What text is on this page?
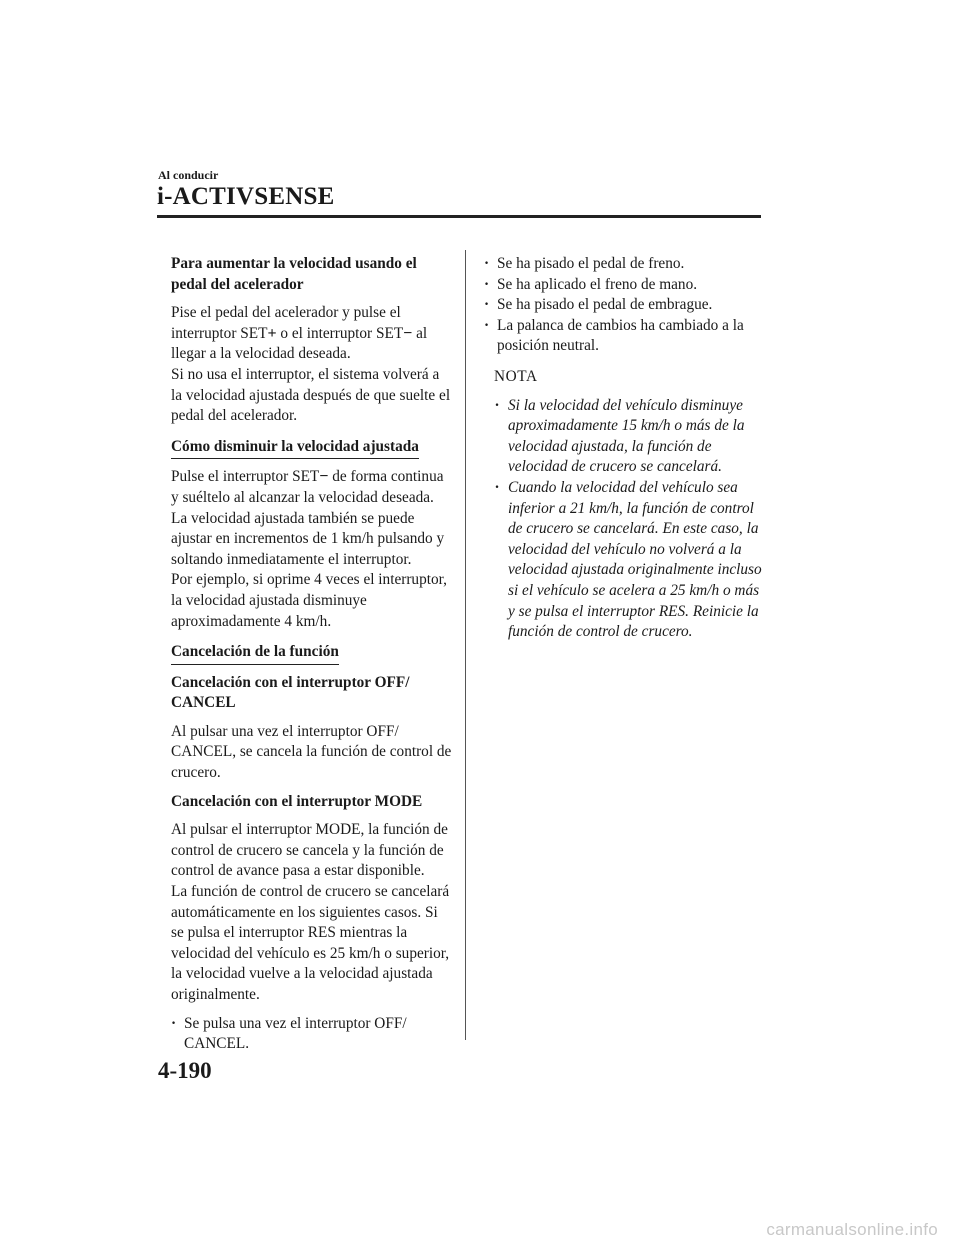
Al conducir
i-ACTIVSENSE

Para aumentar la velocidad usando el pedal del acelerador

Pise el pedal del acelerador y pulse el interruptor SET+ o el interruptor SET− al llegar a la velocidad deseada.

Si no usa el interruptor, el sistema volverá a la velocidad ajustada después de que suelte el pedal del acelerador.

Cómo disminuir la velocidad ajustada

Pulse el interruptor SET− de forma continua y suéltelo al alcanzar la velocidad deseada.

La velocidad ajustada también se puede ajustar en incrementos de 1 km/h pulsando y soltando inmediatamente el interruptor.

Por ejemplo, si oprime 4 veces el interruptor, la velocidad ajustada disminuye aproximadamente 4 km/h.

Cancelación de la función

Cancelación con el interruptor OFF/ CANCEL

Al pulsar una vez el interruptor OFF/ CANCEL, se cancela la función de control de crucero.

Cancelación con el interruptor MODE

Al pulsar el interruptor MODE, la función de control de crucero se cancela y la función de control de avance pasa a estar disponible.

La función de control de crucero se cancelará automáticamente en los siguientes casos. Si se pulsa el interruptor RES mientras la velocidad del vehículo es 25 km/h o superior, la velocidad vuelve a la velocidad ajustada originalmente.

· Se pulsa una vez el interruptor OFF/ CANCEL.
· Se ha pisado el pedal de freno.
· Se ha aplicado el freno de mano.
· Se ha pisado el pedal de embrague.
· La palanca de cambios ha cambiado a la posición neutral.

NOTA

· Si la velocidad del vehículo disminuye aproximadamente 15 km/h o más de la velocidad ajustada, la función de velocidad de crucero se cancelará.
· Cuando la velocidad del vehículo sea inferior a 21 km/h, la función de control de crucero se cancelará. En este caso, la velocidad del vehículo no volverá a la velocidad ajustada originalmente incluso si el vehículo se acelera a 25 km/h o más y se pulsa el interruptor RES. Reinicie la función de control de crucero.
4-190
carmanualsonline.info
